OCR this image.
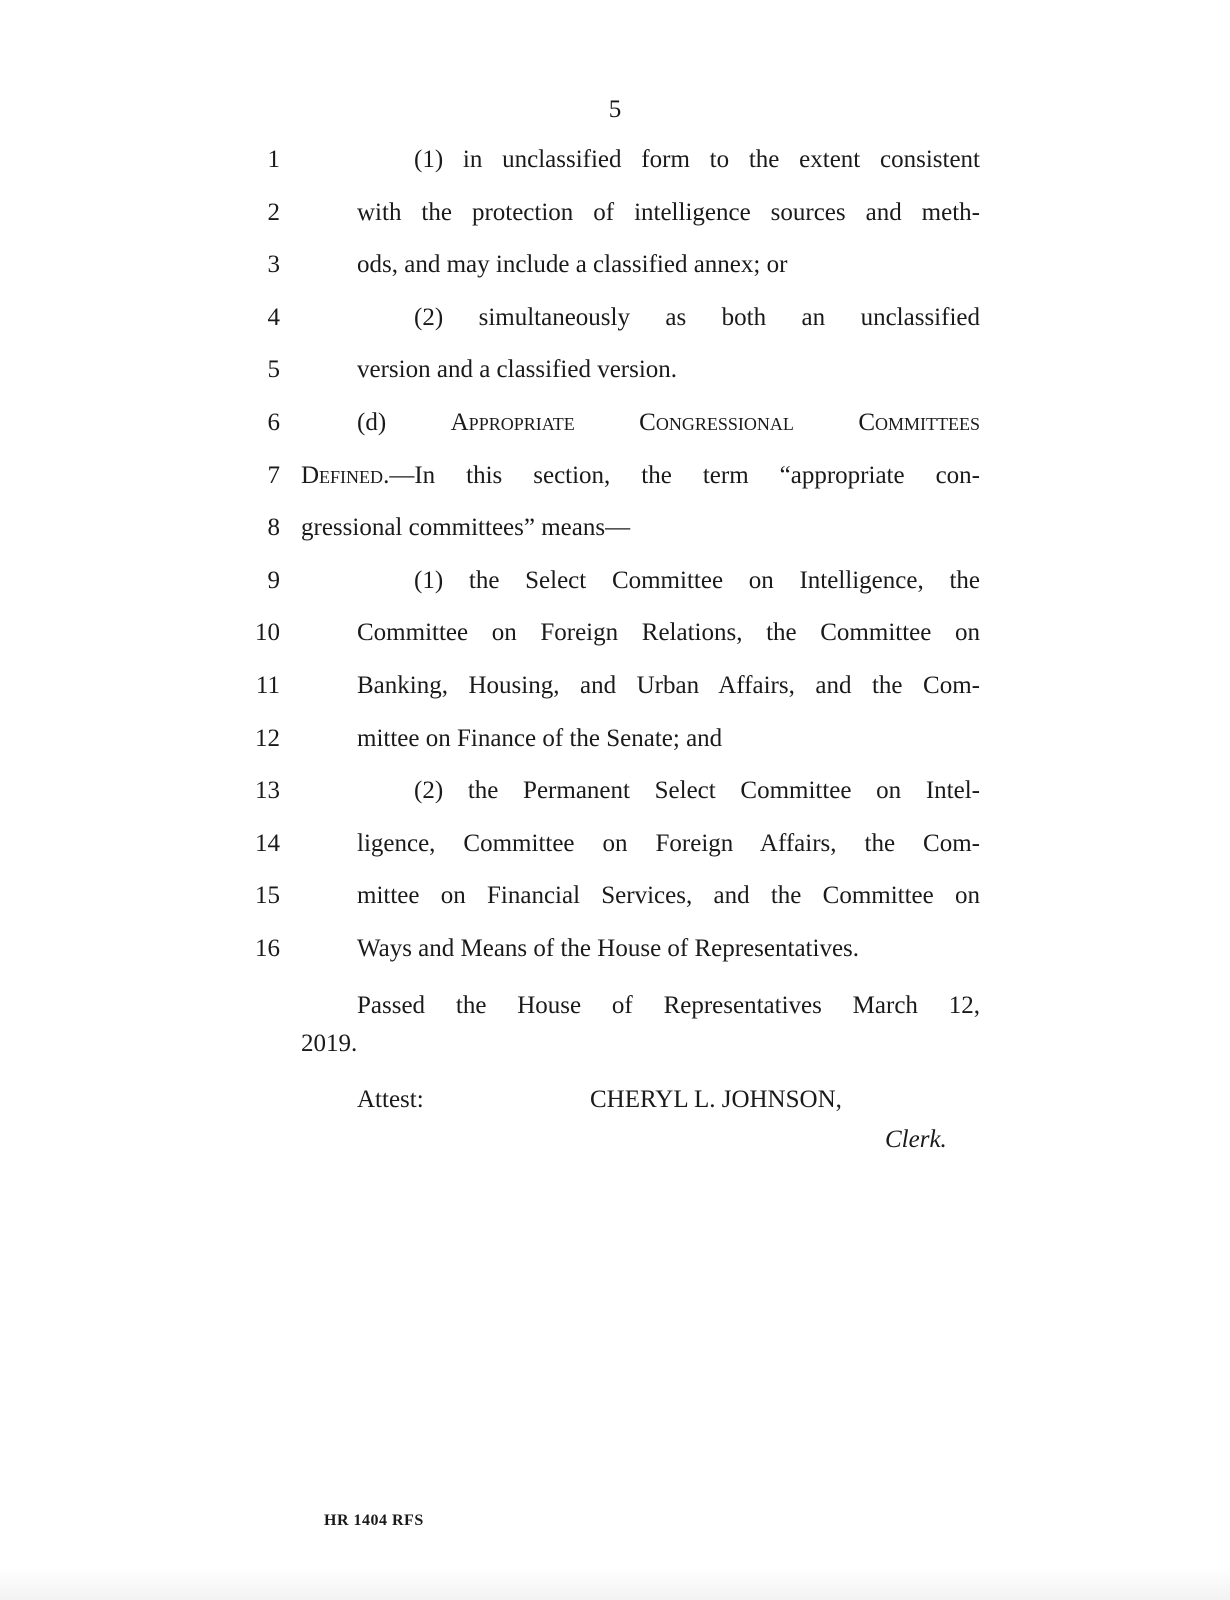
5
1	(1) in unclassified form to the extent consistent
2	with the protection of intelligence sources and meth-
3	ods, and may include a classified annex; or
4	(2) simultaneously as both an unclassified
5	version and a classified version.
6	(d) Appropriate Congressional Committees
7 Defined.—In this section, the term “appropriate con-
8 gressional committees” means—
9	(1) the Select Committee on Intelligence, the
10	Committee on Foreign Relations, the Committee on
11	Banking, Housing, and Urban Affairs, and the Com-
12	mittee on Finance of the Senate; and
13	(2) the Permanent Select Committee on Intel-
14	ligence, Committee on Foreign Affairs, the Com-
15	mittee on Financial Services, and the Committee on
16	Ways and Means of the House of Representatives.
Passed the House of Representatives March 12,
2019.
Attest:	CHERYL L. JOHNSON,
Clerk.
HR 1404 RFS
